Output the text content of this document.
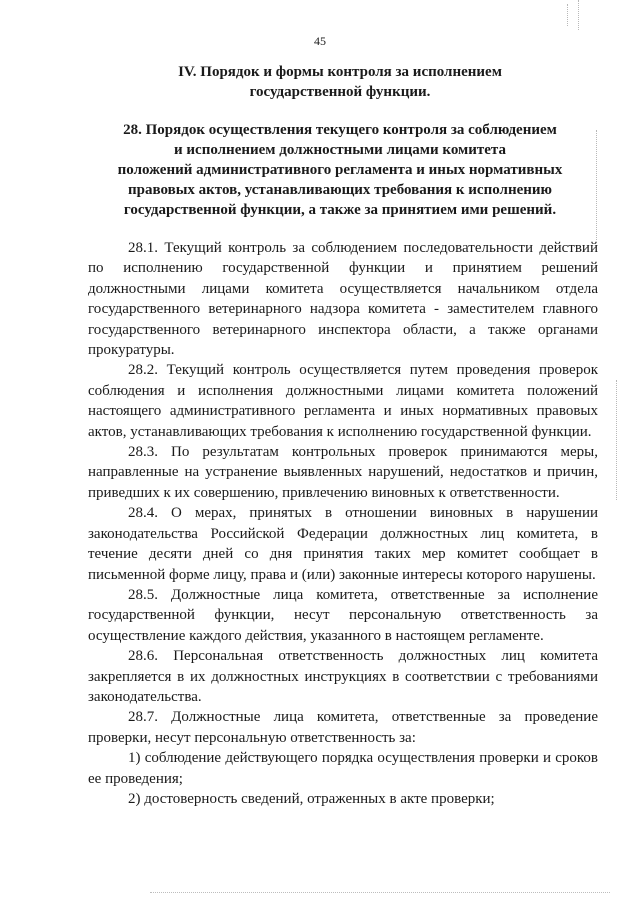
45
IV. Порядок и формы контроля за исполнением
государственной функции.
28. Порядок осуществления текущего контроля за соблюдением
и исполнением должностными лицами комитета
положений административного регламента и иных нормативных
правовых актов, устанавливающих требования к исполнению
государственной функции, а также за принятием ими решений.

28.1. Текущий контроль за соблюдением последовательности действий по исполнению государственной функции и принятием решений должностными лицами комитета осуществляется начальником отдела государственного ветеринарного надзора комитета - заместителем главного государственного ветеринарного инспектора области, а также органами прокуратуры.

28.2. Текущий контроль осуществляется путем проведения проверок соблюдения и исполнения должностными лицами комитета положений настоящего административного регламента и иных нормативных правовых актов, устанавливающих требования к исполнению государственной функции.

28.3. По результатам контрольных проверок принимаются меры, направленные на устранение выявленных нарушений, недостатков и причин, приведших к их совершению, привлечению виновных к ответственности.

28.4. О мерах, принятых в отношении виновных в нарушении законодательства Российской Федерации должностных лиц комитета, в течение десяти дней со дня принятия таких мер комитет сообщает в письменной форме лицу, права и (или) законные интересы которого нарушены.

28.5. Должностные лица комитета, ответственные за исполнение государственной функции, несут персональную ответственность за осуществление каждого действия, указанного в настоящем регламенте.

28.6. Персональная ответственность должностных лиц комитета закрепляется в их должностных инструкциях в соответствии с требованиями законодательства.

28.7. Должностные лица комитета, ответственные за проведение проверки, несут персональную ответственность за:

1) соблюдение действующего порядка осуществления проверки и сроков ее проведения;

2) достоверность сведений, отраженных в акте проверки;
